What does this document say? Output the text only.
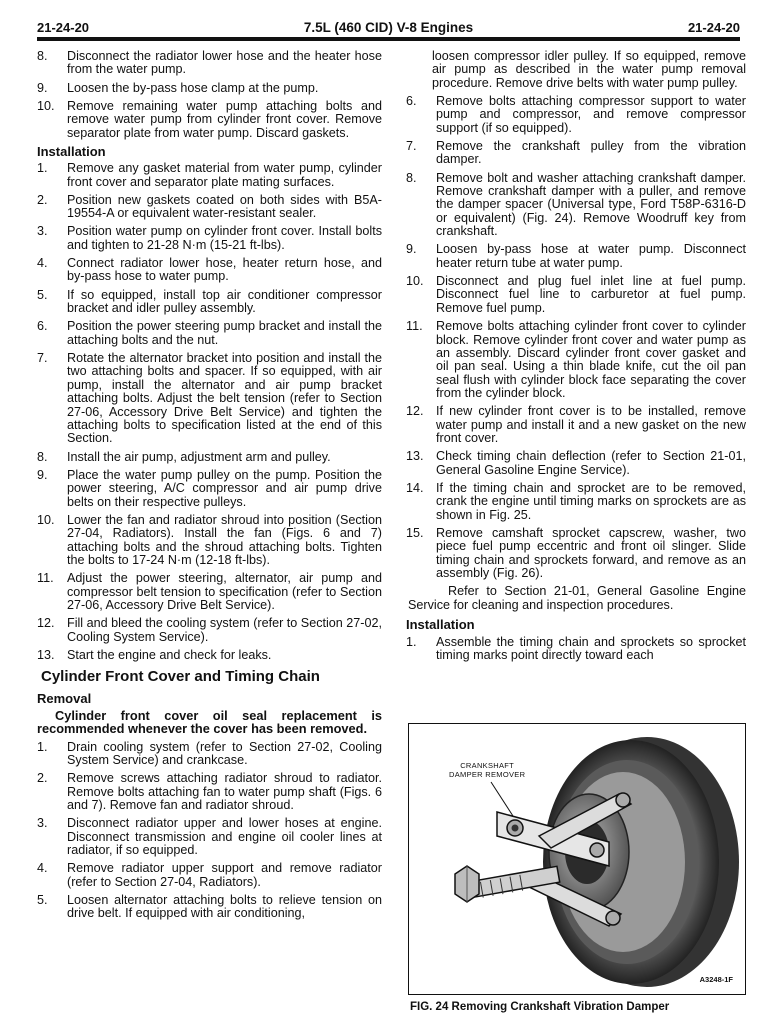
21-24-20	7.5L (460 CID) V-8 Engines	21-24-20
8.	Disconnect the radiator lower hose and the heater hose from the water pump.
9.	Loosen the by-pass hose clamp at the pump.
10. Remove remaining water pump attaching bolts and remove water pump from cylinder front cover. Remove separator plate from water pump. Discard gaskets.
Installation
1.	Remove any gasket material from water pump, cylinder front cover and separator plate mating surfaces.
2.	Position new gaskets coated on both sides with B5A-19554-A or equivalent water-resistant sealer.
3.	Position water pump on cylinder front cover. Install bolts and tighten to 21-28 N·m (15-21 ft-lbs).
4.	Connect radiator lower hose, heater return hose, and by-pass hose to water pump.
5.	If so equipped, install top air conditioner compressor bracket and idler pulley assembly.
6.	Position the power steering pump bracket and install the attaching bolts and the nut.
7.	Rotate the alternator bracket into position and install the two attaching bolts and spacer. If so equipped, with air pump, install the alternator and air pump bracket attaching bolts. Adjust the belt tension (refer to Section 27-06, Accessory Drive Belt Service) and tighten the attaching bolts to specification listed at the end of this Section.
8.	Install the air pump, adjustment arm and pulley.
9.	Place the water pump pulley on the pump. Position the power steering, A/C compressor and air pump drive belts on their respective pulleys.
10. Lower the fan and radiator shroud into position (Section 27-04, Radiators). Install the fan (Figs. 6 and 7) attaching bolts and the shroud attaching bolts. Tighten the bolts to 17-24 N·m (12-18 ft-lbs).
11.	Adjust the power steering, alternator, air pump and compressor belt tension to specification (refer to Section 27-06, Accessory Drive Belt Service).
12. Fill and bleed the cooling system (refer to Section 27-02, Cooling System Service).
13. Start the engine and check for leaks.
Cylinder Front Cover and Timing Chain
Removal
Cylinder front cover oil seal replacement is recommended whenever the cover has been removed.
1.	Drain cooling system (refer to Section 27-02, Cooling System Service) and crankcase.
2.	Remove screws attaching radiator shroud to radiator. Remove bolts attaching fan to water pump shaft (Figs. 6 and 7). Remove fan and radiator shroud.
3.	Disconnect radiator upper and lower hoses at engine. Disconnect transmission and engine oil cooler lines at radiator, if so equipped.
4.	Remove radiator upper support and remove radiator (refer to Section 27-04, Radiators).
5.	Loosen alternator attaching bolts to relieve tension on drive belt. If equipped with air conditioning,
loosen compressor idler pulley. If so equipped, remove air pump as described in the water pump removal procedure. Remove drive belts with water pump pulley.
6.	Remove bolts attaching compressor support to water pump and compressor, and remove compressor support (if so equipped).
7.	Remove the crankshaft pulley from the vibration damper.
8.	Remove bolt and washer attaching crankshaft damper. Remove crankshaft damper with a puller, and remove the damper spacer (Universal type, Ford T58P-6316-D or equivalent) (Fig. 24). Remove Woodruff key from crankshaft.
9.	Loosen by-pass hose at water pump. Disconnect heater return tube at water pump.
10. Disconnect and plug fuel inlet line at fuel pump. Disconnect fuel line to carburetor at fuel pump. Remove fuel pump.
11.	Remove bolts attaching cylinder front cover to cylinder block. Remove cylinder front cover and water pump as an assembly. Discard cylinder front cover gasket and oil pan seal. Using a thin blade knife, cut the oil pan seal flush with cylinder block face separating the cover from the cylinder block.
12. If new cylinder front cover is to be installed, remove water pump and install it and a new gasket on the new front cover.
13. Check timing chain deflection (refer to Section 21-01, General Gasoline Engine Service).
14. If the timing chain and sprocket are to be removed, crank the engine until timing marks on sprockets are as shown in Fig. 25.
15. Remove camshaft sprocket capscrew, washer, two piece fuel pump eccentric and front oil slinger. Slide timing chain and sprockets forward, and remove as an assembly (Fig. 26).
Refer to Section 21-01, General Gasoline Engine Service for cleaning and inspection procedures.
Installation
1.	Assemble the timing chain and sprockets so sprocket timing marks point directly toward each
CRANKSHAFT
DAMPER REMOVER
A3248-1F
FIG. 24 Removing Crankshaft Vibration Damper
